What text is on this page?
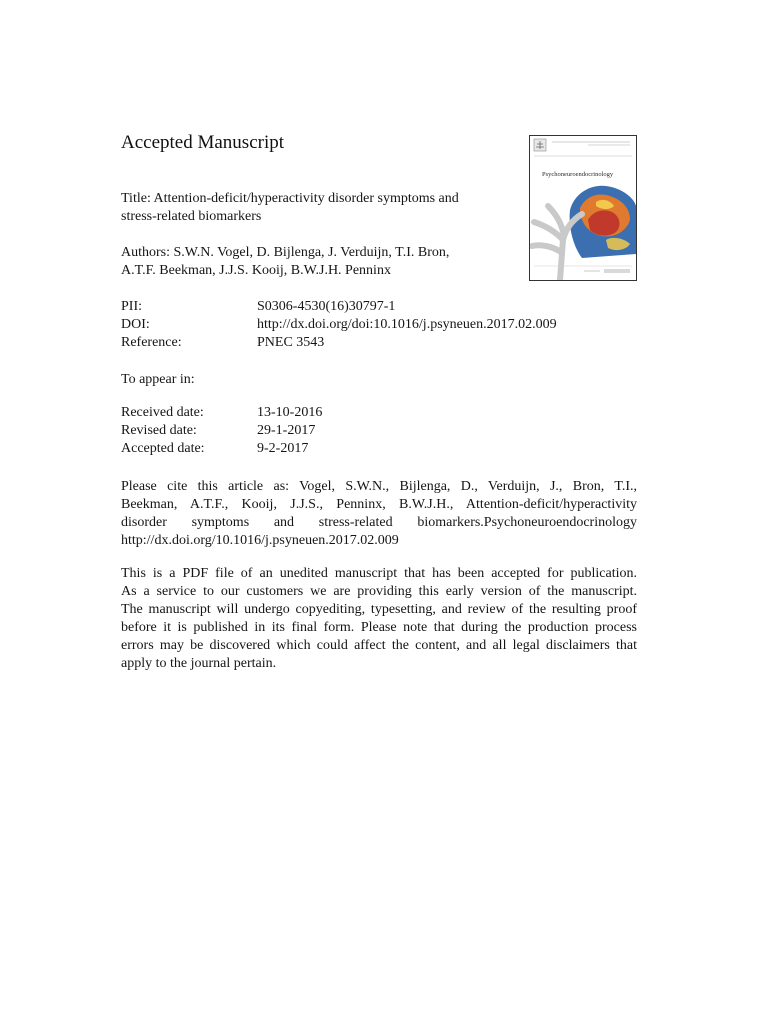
Accepted Manuscript
Title: Attention-deficit/hyperactivity disorder symptoms and
stress-related biomarkers
Authors: S.W.N. Vogel, D. Bijlenga, J. Verduijn, T.I. Bron,
A.T.F. Beekman, J.J.S. Kooij, B.W.J.H. Penninx
PII:	S0306-4530(16)30797-1
DOI:	http://dx.doi.org/doi:10.1016/j.psyneuen.2017.02.009
Reference:	PNEC 3543
To appear in:
Received date:	13-10-2016
Revised date:	29-1-2017
Accepted date:	9-2-2017
Please cite this article as: Vogel, S.W.N., Bijlenga, D., Verduijn, J., Bron, T.I.,
Beekman, A.T.F., Kooij, J.J.S., Penninx, B.W.J.H., Attention-deficit/hyperactivity
disorder symptoms and stress-related biomarkers.Psychoneuroendocrinology
http://dx.doi.org/10.1016/j.psyneuen.2017.02.009
This is a PDF file of an unedited manuscript that has been accepted for publication.
As a service to our customers we are providing this early version of the manuscript.
The manuscript will undergo copyediting, typesetting, and review of the resulting proof
before it is published in its final form. Please note that during the production process
errors may be discovered which could affect the content, and all legal disclaimers that
apply to the journal pertain.
Psychoneuroendocrinology
